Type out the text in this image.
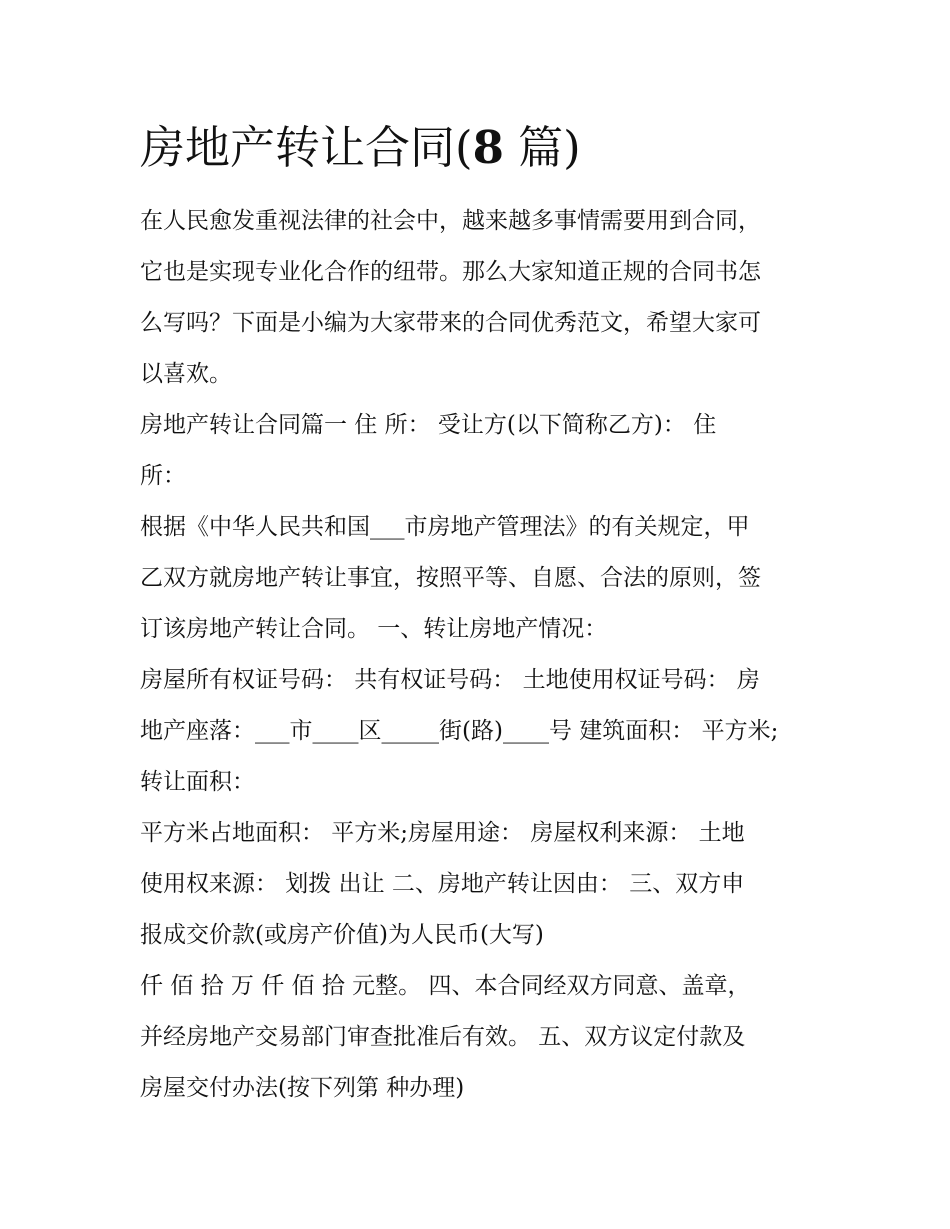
房地产转让合同(8 篇)
在人民愈发重视法律的社会中，越来越多事情需要用到合同，
它也是实现专业化合作的纽带。那么大家知道正规的合同书怎
么写吗？下面是小编为大家带来的合同优秀范文，希望大家可
以喜欢。
房地产转让合同篇一 住 所： 受让方(以下简称乙方)： 住
所：
根据《中华人民共和国___市房地产管理法》的有关规定，甲
乙双方就房地产转让事宜，按照平等、自愿、合法的原则，签
订该房地产转让合同。 一、转让房地产情况：
房屋所有权证号码： 共有权证号码： 土地使用权证号码： 房
地产座落：___市____区_____街(路)____号 建筑面积： 平方米;
转让面积：
平方米占地面积： 平方米;房屋用途： 房屋权利来源： 土地
使用权来源： 划拨 出让 二、房地产转让因由： 三、双方申
报成交价款(或房产价值)为人民币(大写)
仟 佰 拾 万 仟 佰 拾 元整。 四、本合同经双方同意、盖章，
并经房地产交易部门审查批准后有效。 五、双方议定付款及
房屋交付办法(按下列第 种办理)
